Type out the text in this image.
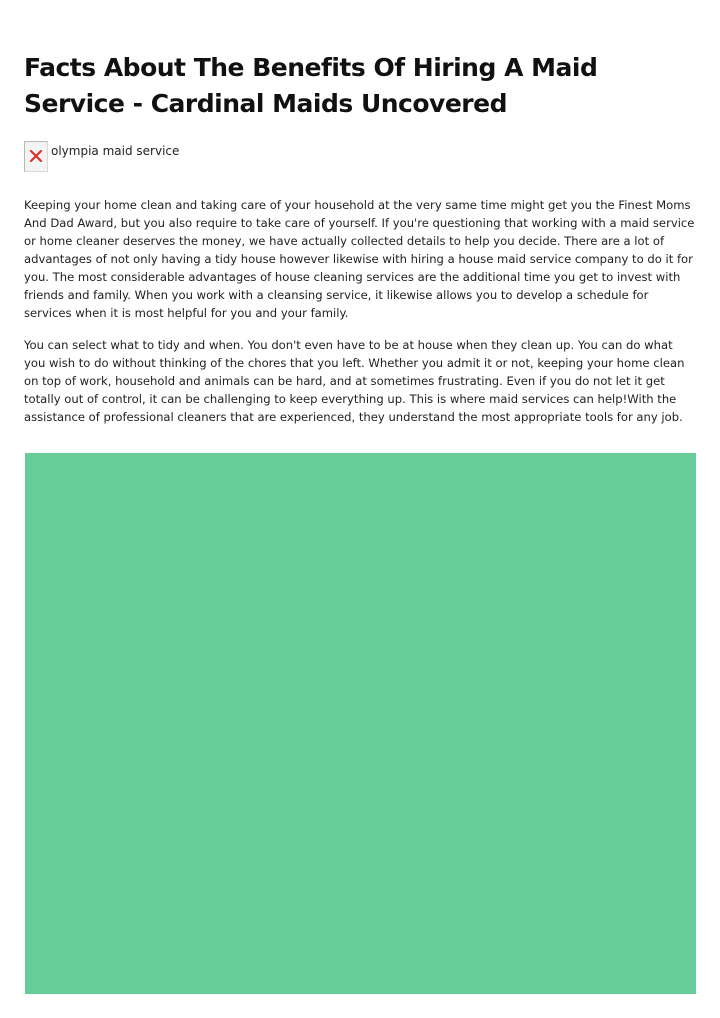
Facts About The Benefits Of Hiring A Maid Service - Cardinal Maids Uncovered
olympia maid service

Keeping your home clean and taking care of your household at the very same time might get you the Finest Moms And Dad Award, but you also require to take care of yourself. If you're questioning that working with a maid service or home cleaner deserves the money, we have actually collected details to help you decide. There are a lot of advantages of not only having a tidy house however likewise with hiring a house maid service company to do it for you. The most considerable advantages of house cleaning services are the additional time you get to invest with friends and family. When you work with a cleansing service, it likewise allows you to develop a schedule for services when it is most helpful for you and your family.

You can select what to tidy and when. You don't even have to be at house when they clean up. You can do what you wish to do without thinking of the chores that you left. Whether you admit it or not, keeping your home clean on top of work, household and animals can be hard, and at sometimes frustrating. Even if you do not let it get totally out of control, it can be challenging to keep everything up. This is where maid services can help!With the assistance of professional cleaners that are experienced, they understand the most appropriate tools for any job.
